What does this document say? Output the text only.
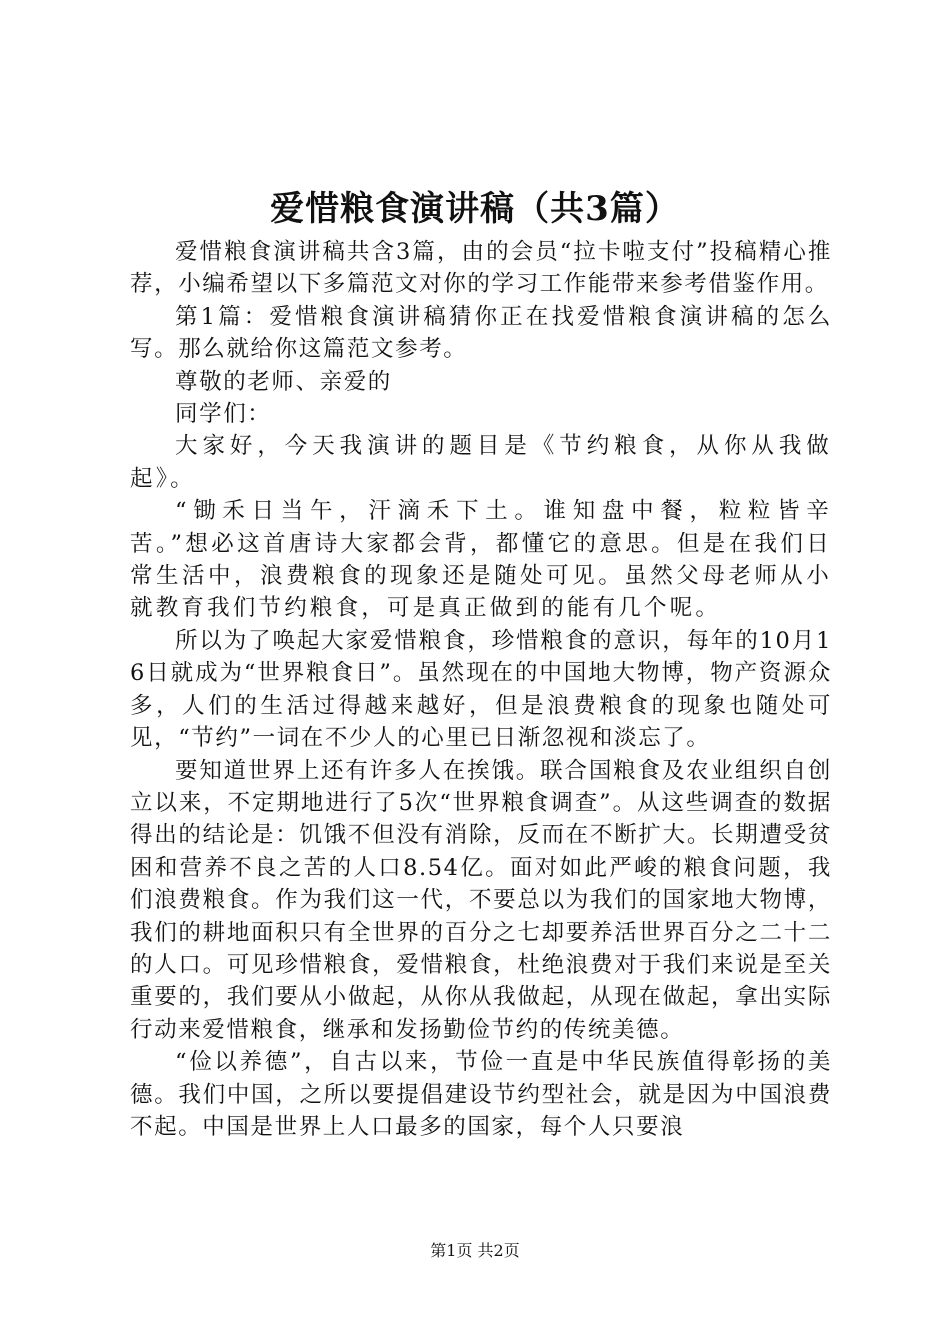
爱惜粮食演讲稿（共3篇）

爱惜粮食演讲稿共含3篇，由的会员“拉卡啦支付”投稿精心推荐，小编希望以下多篇范文对你的学习工作能带来参考借鉴作用。

第1篇：爱惜粮食演讲稿猜你正在找爱惜粮食演讲稿的怎么写。那么就给你这篇范文参考。

尊敬的老师、亲爱的

同学们：

大家好，今天我演讲的题目是《节约粮食，从你从我做起》。

“锄禾日当午，汗滴禾下土。谁知盘中餐，粒粒皆辛苦。”想必这首唐诗大家都会背，都懂它的意思。但是在我们日常生活中，浪费粮食的现象还是随处可见。虽然父母老师从小就教育我们节约粮食，可是真正做到的能有几个呢。

所以为了唤起大家爱惜粮食，珍惜粮食的意识，每年的10月16日就成为“世界粮食日”。虽然现在的中国地大物博，物产资源众多，人们的生活过得越来越好，但是浪费粮食的现象也随处可见，“节约”一词在不少人的心里已日渐忽视和淡忘了。

要知道世界上还有许多人在挨饿。联合国粮食及农业组织自创立以来，不定期地进行了5次“世界粮食调查”。从这些调查的数据得出的结论是：饥饿不但没有消除，反而在不断扩大。长期遭受贫困和营养不良之苦的人口8.54亿。面对如此严峻的粮食问题，我们浪费粮食。作为我们这一代，不要总以为我们的国家地大物博，我们的耕地面积只有全世界的百分之七却要养活世界百分之二十二的人口。可见珍惜粮食，爱惜粮食，杜绝浪费对于我们来说是至关重要的，我们要从小做起，从你从我做起，从现在做起，拿出实际行动来爱惜粮食，继承和发扬勤俭节约的传统美德。

“俭以养德”，自古以来，节俭一直是中华民族值得彰扬的美德。我们中国，之所以要提倡建设节约型社会，就是因为中国浪费不起。中国是世界上人口最多的国家，每个人只要浪

第1页 共2页
